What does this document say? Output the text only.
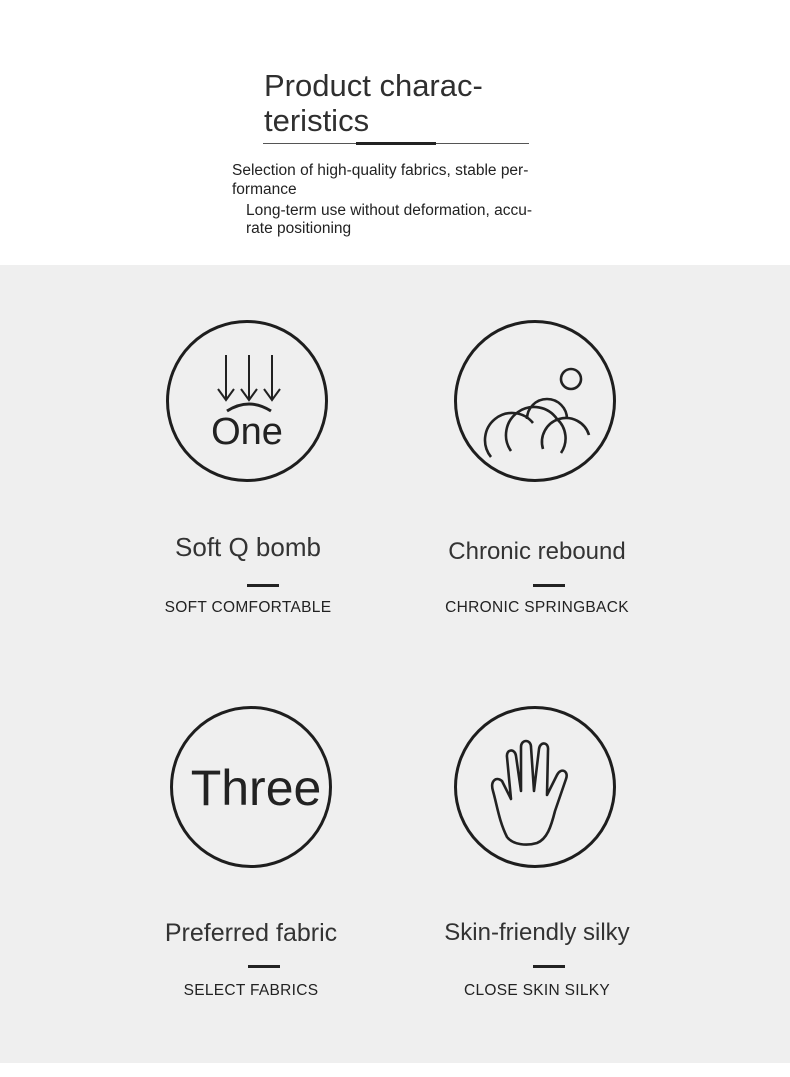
Product charac-
teristics
Selection of high-quality fabrics, stable per-
formance
Long-term use without deformation, accu-
rate positioning
One
Soft Q bomb
SOFT COMFORTABLE
Chronic rebound
CHRONIC SPRINGBACK
Three
Preferred fabric
SELECT FABRICS
Skin-friendly silky
CLOSE SKIN SILKY
